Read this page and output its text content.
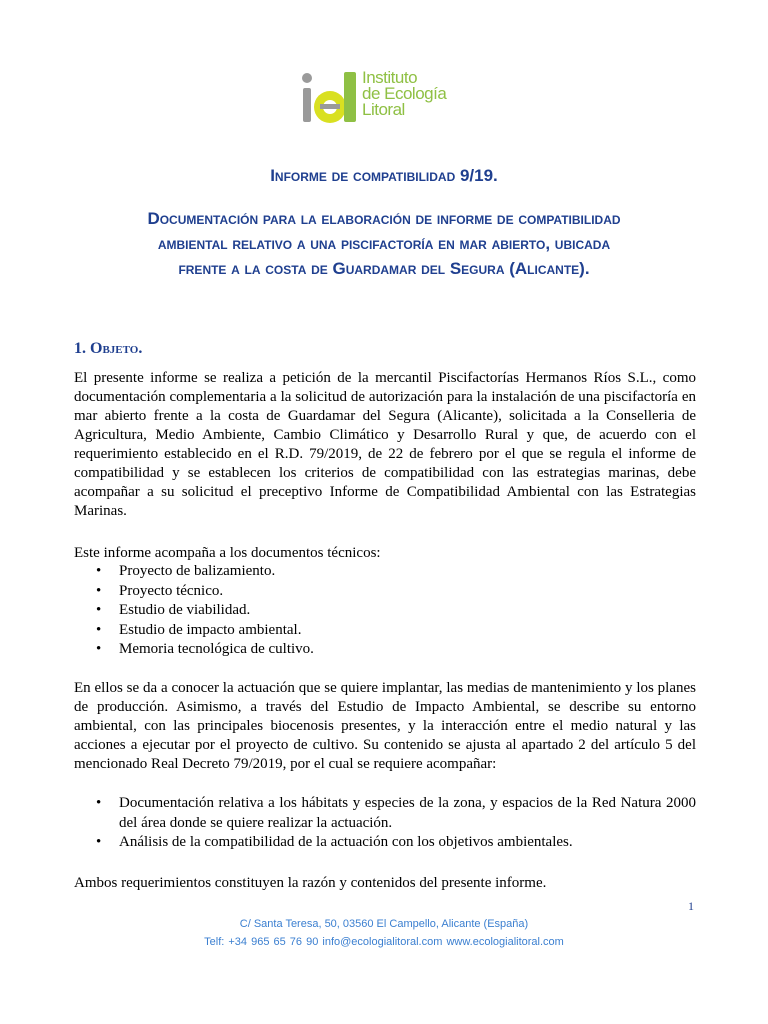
Instituto
de Ecología
Litoral
Informe de compatibilidad 9/19.
Documentación para la elaboración de informe de compatibilidad
ambiental relativo a una piscifactoría en mar abierto, ubicada
frente a la costa de Guardamar del Segura (Alicante).
1. Objeto.
El presente informe se realiza a petición de la mercantil Piscifactorías Hermanos Ríos S.L., como documentación complementaria a la solicitud de autorización para la instalación de una piscifactoría en mar abierto frente a la costa de Guardamar del Segura (Alicante), solicitada a la Conselleria de Agricultura, Medio Ambiente, Cambio Climático y Desarrollo Rural y que, de acuerdo con el requerimiento establecido en el R.D. 79/2019, de 22 de febrero por el que se regula el informe de compatibilidad y se establecen los criterios de compatibilidad con las estrategias marinas, debe acompañar a su solicitud el preceptivo Informe de Compatibilidad Ambiental con las Estrategias Marinas.
Este informe acompaña a los documentos técnicos:
• Proyecto de balizamiento.
• Proyecto técnico.
• Estudio de viabilidad.
• Estudio de impacto ambiental.
• Memoria tecnológica de cultivo.
En ellos se da a conocer la actuación que se quiere implantar, las medias de mantenimiento y los planes de producción. Asimismo, a través del Estudio de Impacto Ambiental, se describe su entorno ambiental, con las principales biocenosis presentes, y la interacción entre el medio natural y las acciones a ejecutar por el proyecto de cultivo. Su contenido se ajusta al apartado 2 del artículo 5 del mencionado Real Decreto 79/2019, por el cual se requiere acompañar:
• Documentación relativa a los hábitats y especies de la zona, y espacios de la Red Natura 2000 del área donde se quiere realizar la actuación.
• Análisis de la compatibilidad de la actuación con los objetivos ambientales.
Ambos requerimientos constituyen la razón y contenidos del presente informe.
1
C/ Santa Teresa, 50, 03560 El Campello, Alicante (España)
Telf: +34 965 65 76 90 info@ecologialitoral.com www.ecologialitoral.com
